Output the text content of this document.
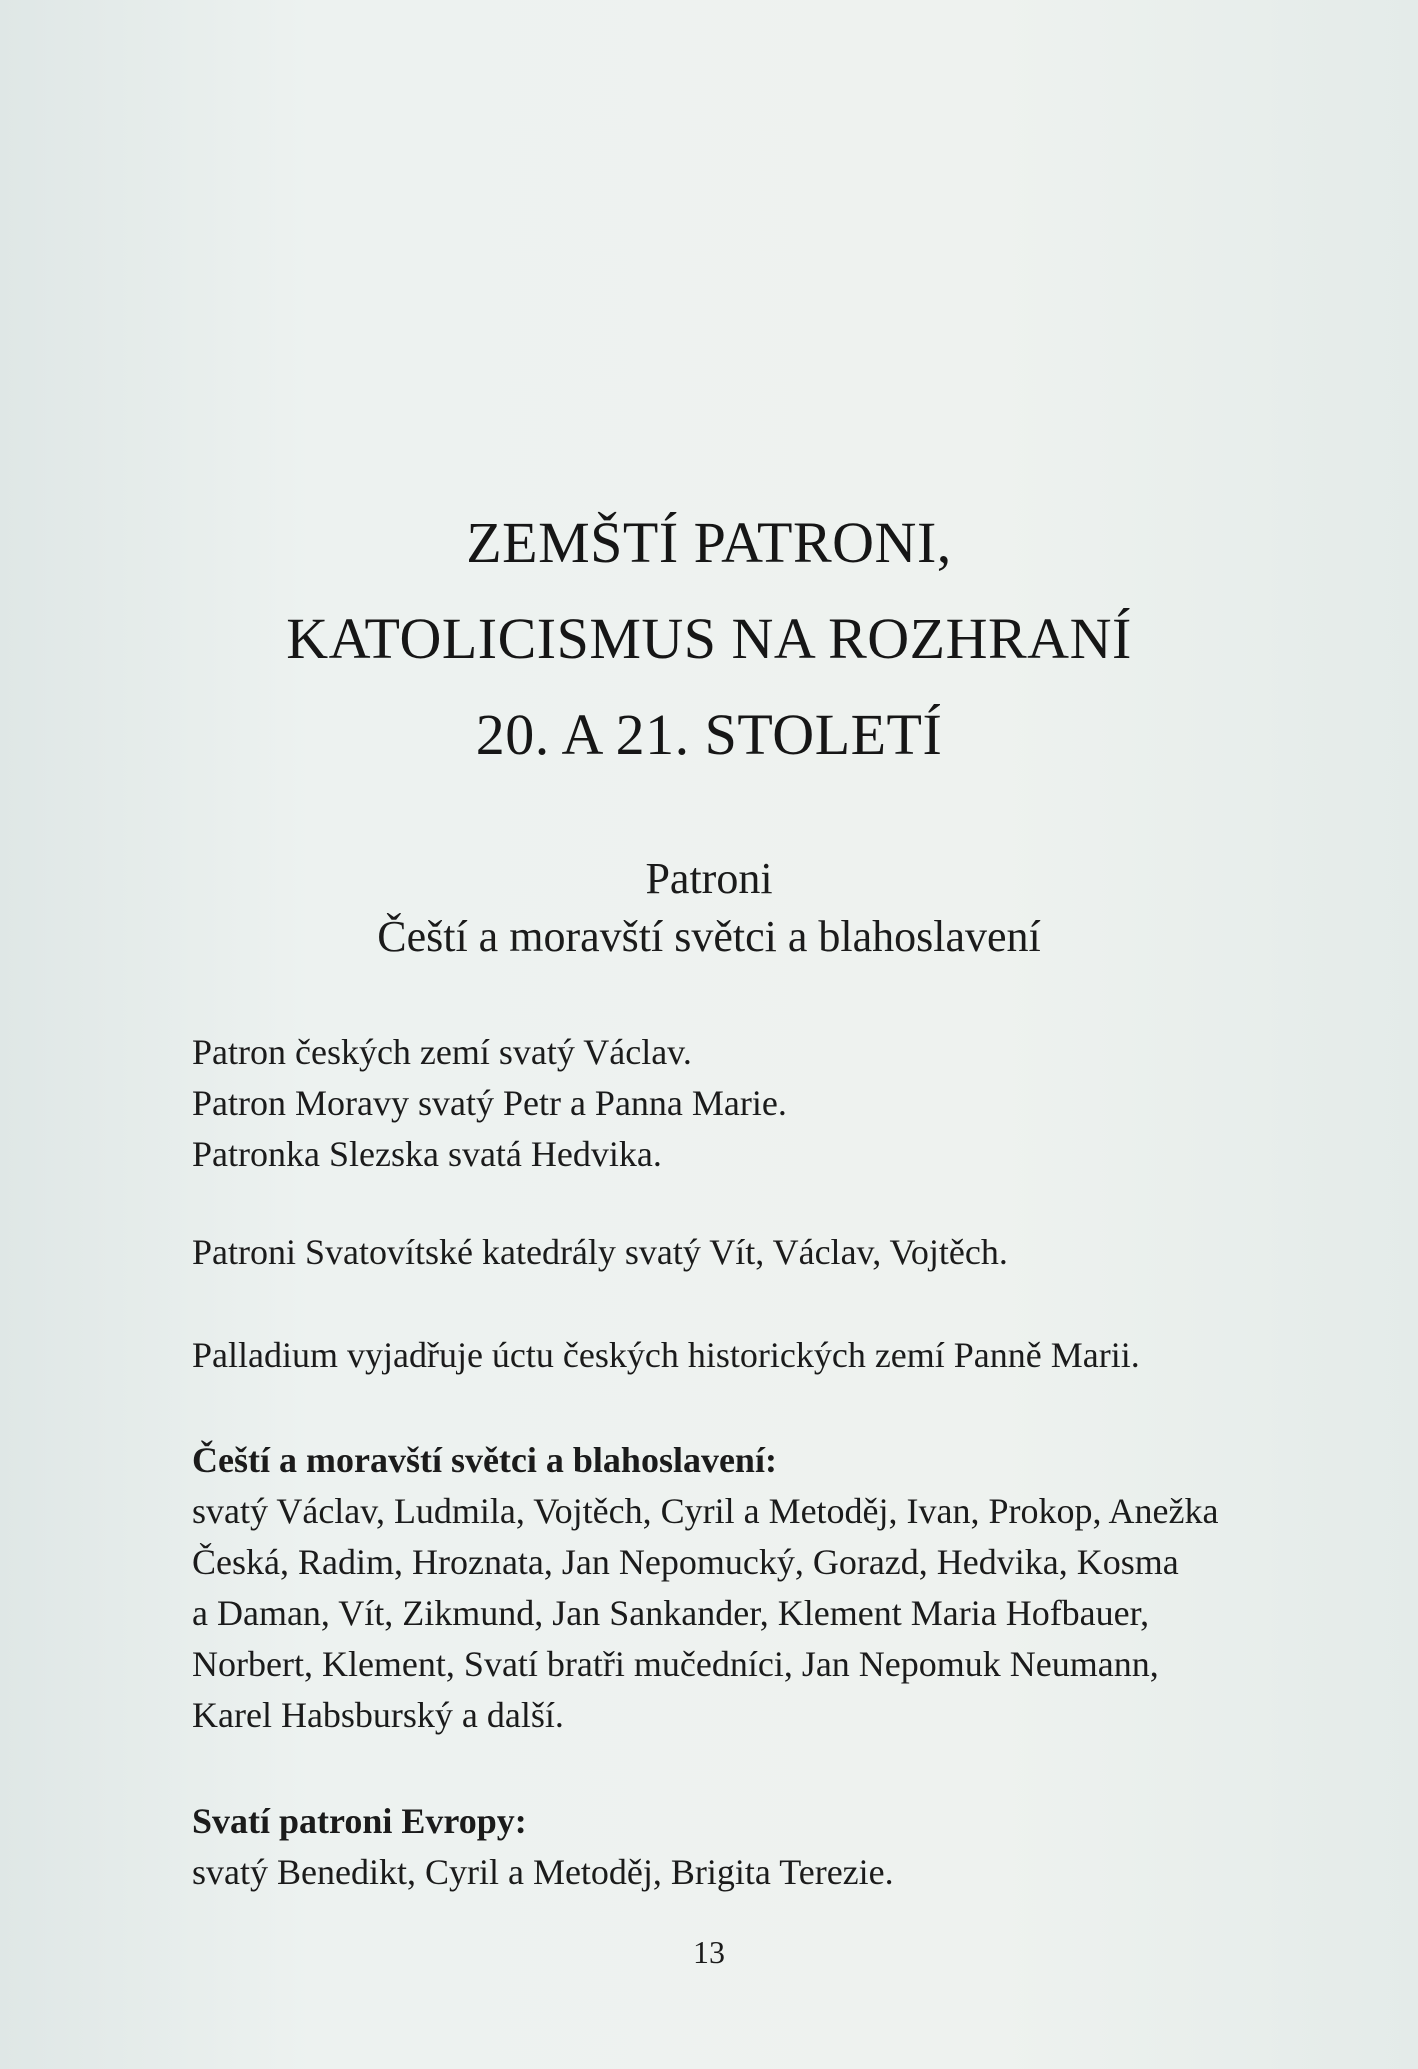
ZEMŠTÍ PATRONI,
KATOLICISMUS NA ROZHRANÍ
20. A 21. STOLETÍ
Patroni
Čeští a moravští světci a blahoslavení
Patron českých zemí svatý Václav.
Patron Moravy svatý Petr a Panna Marie.
Patronka Slezska svatá Hedvika.
Patroni Svatovítské katedrály svatý Vít, Václav, Vojtěch.
Palladium vyjadřuje úctu českých historických zemí Panně Marii.
Čeští a moravští světci a blahoslavení:
svatý Václav, Ludmila, Vojtěch, Cyril a Metoděj, Ivan, Prokop, Anežka
Česká, Radim, Hroznata, Jan Nepomucký, Gorazd, Hedvika, Kosma
a Daman, Vít, Zikmund, Jan Sankander, Klement Maria Hofbauer,
Norbert, Klement, Svatí bratři mučedníci, Jan Nepomuk Neumann,
Karel Habsburský a další.
Svatí patroni Evropy:
svatý Benedikt, Cyril a Metoděj, Brigita Terezie.
13
